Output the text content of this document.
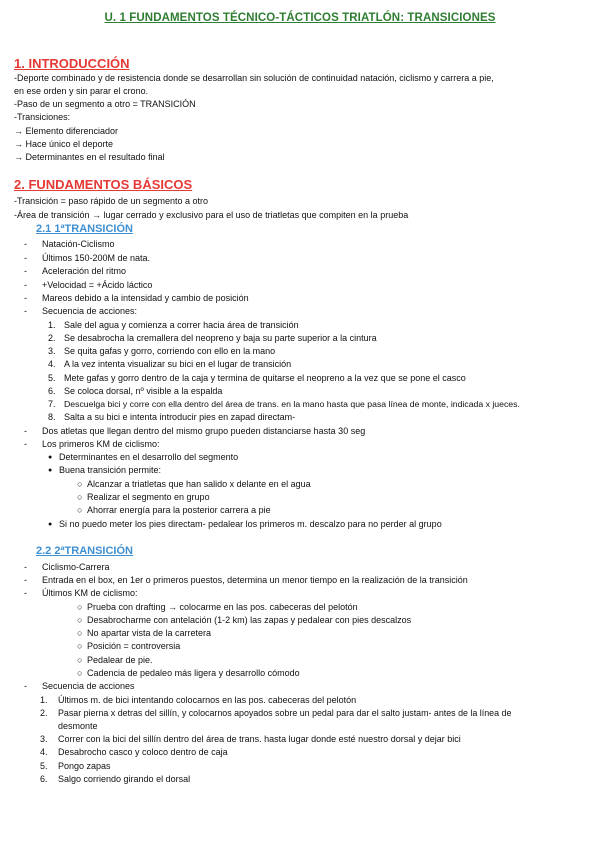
U. 1 FUNDAMENTOS TÉCNICO-TÁCTICOS TRIATLÓN: TRANSICIONES
1. INTRODUCCIÓN
-Deporte combinado y de resistencia donde se desarrollan sin solución de continuidad natación, ciclismo y carrera a pie,
en ese orden y sin parar el crono.
-Paso de un segmento a otro = TRANSICIÓN
-Transiciones:
→ Elemento diferenciador
→ Hace único el deporte
→ Determinantes en el resultado final
2. FUNDAMENTOS BÁSICOS
-Transición = paso rápido de un segmento a otro
-Área de transición → lugar cerrado y exclusivo para el uso de triatletas que compiten en la prueba
2.1 1ªTRANSICIÓN
- Natación-Ciclismo
- Últimos 150-200M de nata.
- Aceleración del ritmo
- +Velocidad = +Ácido láctico
- Mareos debido a la intensidad y cambio de posición
- Secuencia de acciones:
1. Sale del agua y comienza a correr hacia área de transición
2. Se desabrocha la cremallera del neopreno y baja su parte superior a la cintura
3. Se quita gafas y gorro, corriendo con ello en la mano
4. A la vez intenta visualizar su bici en el lugar de transición
5. Mete gafas y gorro dentro de la caja y termina de quitarse el neopreno a la vez que se pone el casco
6. Se coloca dorsal, nº visible a la espalda
7. Descuelga bici y corre con ella dentro del área de trans. en la mano hasta que pasa línea de monte, indicada x jueces.
8. Salta a su bici e intenta introducir pies en zapad directam-
- Dos atletas que llegan dentro del mismo grupo pueden distanciarse hasta 30 seg
- Los primeros KM de ciclismo:
● Determinantes en el desarrollo del segmento
● Buena transición permite:
○ Alcanzar a triatletas que han salido x delante en el agua
○ Realizar el segmento en grupo
○ Ahorrar energía para la posterior carrera a pie
● Si no puedo meter los pies directam- pedalear los primeros m. descalzo para no perder al grupo
2.2 2ªTRANSICIÓN
- Ciclismo-Carrera
- Entrada en el box, en 1er o primeros puestos, determina un menor tiempo en la realización de la transición
- Últimos KM de ciclismo:
○ Prueba con drafting → colocarme en las pos. cabeceras del pelotón
○ Desabrocharme con antelación (1-2 km) las zapas y pedalear con pies descalzos
○ No apartar vista de la carretera
○ Posición = controversia
○ Pedalear de pie.
○ Cadencia de pedaleo más ligera y desarrollo cómodo
- Secuencia de acciones
1. Últimos m. de bici intentando colocarnos en las pos. cabeceras del pelotón
2. Pasar pierna x detras del sillín, y colocarnos apoyados sobre un pedal para dar el salto justam- antes de la línea de
desmonte
3. Correr con la bici del sillín dentro del área de trans. hasta lugar donde esté nuestro dorsal y dejar bici
4. Desabrocho casco y coloco dentro de caja
5. Pongo zapas
6. Salgo corriendo girando el dorsal
